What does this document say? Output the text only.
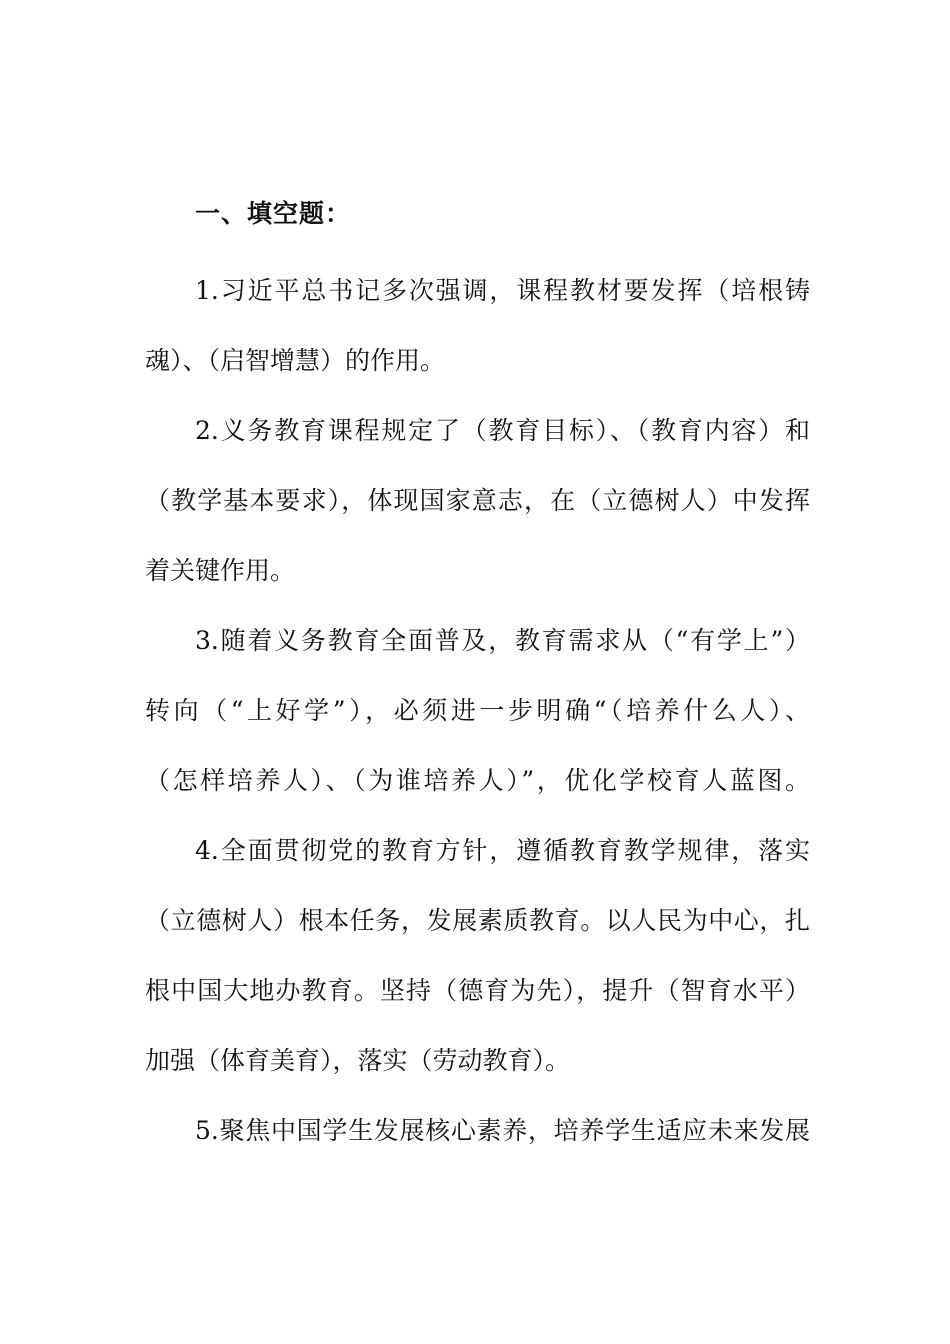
一、填空题：
1.习近平总书记多次强调，课程教材要发挥（培根铸
魂）、（启智增慧）的作用。
2.义务教育课程规定了（教育目标）、（教育内容）和
（教学基本要求），体现国家意志，在（立德树人）中发挥
着关键作用。
3.随着义务教育全面普及，教育需求从（“有学上”）
转向（“上好学”），必须进一步明确“（培养什么人）、
（怎样培养人）、（为谁培养人）”，优化学校育人蓝图。
4.全面贯彻党的教育方针，遵循教育教学规律，落实
（立德树人）根本任务，发展素质教育。以人民为中心，扎
根中国大地办教育。坚持（德育为先），提升（智育水平）
加强（体育美育），落实（劳动教育）。
5.聚焦中国学生发展核心素养，培养学生适应未来发展
